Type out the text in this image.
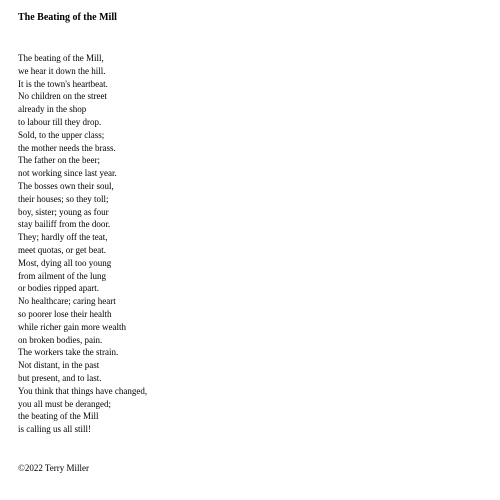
The Beating of the Mill
The beating of the Mill,
we hear it down the hill.
It is the town's heartbeat.
No children on the street
already in the shop
to labour till they drop.
Sold, to the upper class;
the mother needs the brass.
The father on the beer;
not working since last year.
The bosses own their soul,
their houses; so they toll;
boy, sister; young as four
stay bailiff from the door.
They; hardly off the teat,
meet quotas, or get beat.
Most, dying all too young
from ailment of the lung
or bodies ripped apart.
No healthcare; caring heart
so poorer lose their health
while richer gain more wealth
on broken bodies, pain.
The workers take the strain.
Not distant, in the past
but present, and to last.
You think that things have changed,
you all must be deranged;
the beating of the Mill
is calling us all still!
©2022 Terry Miller
